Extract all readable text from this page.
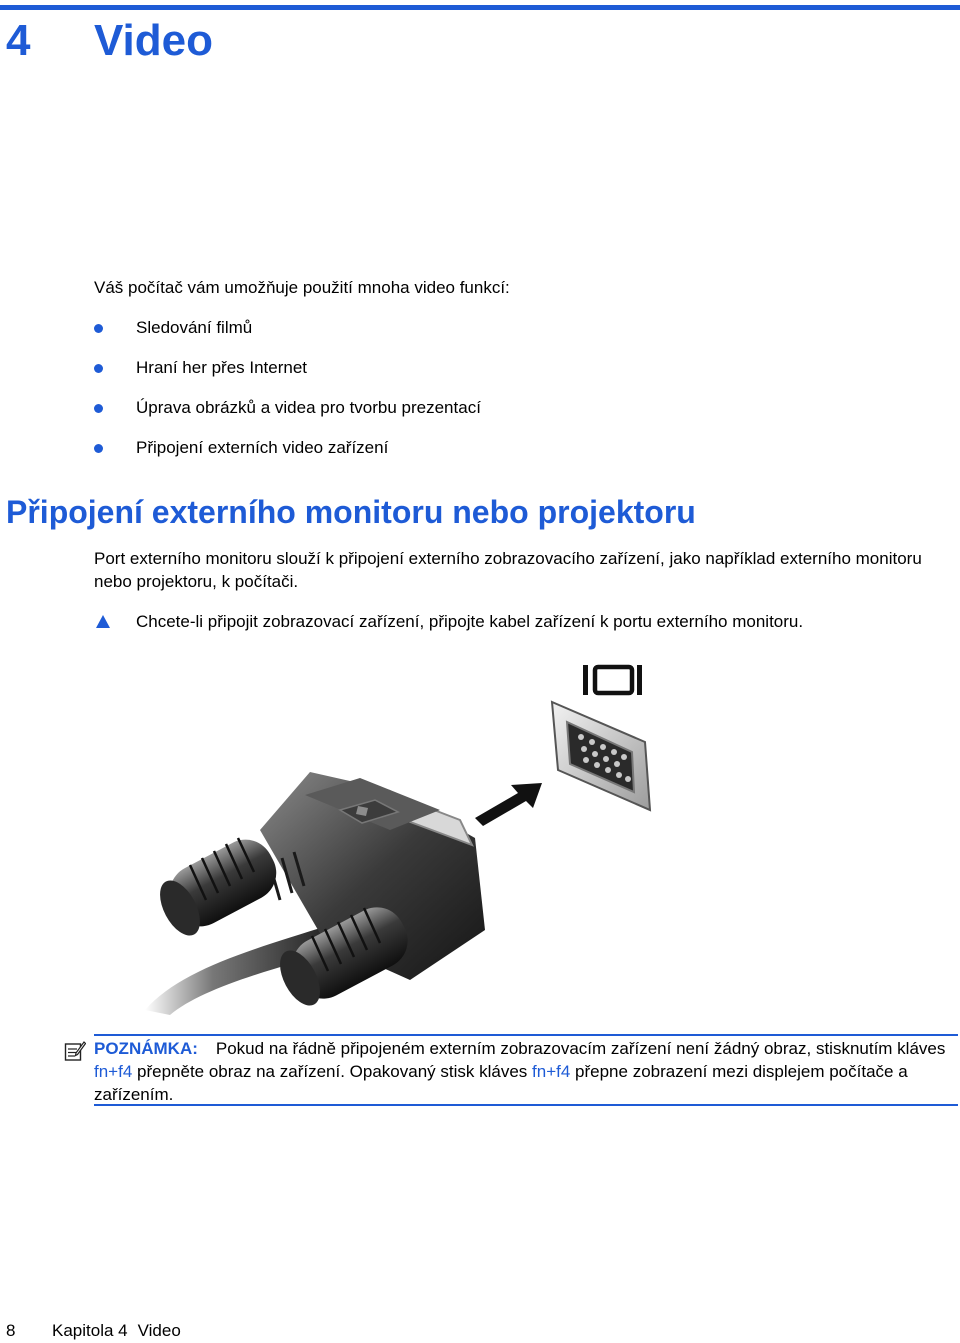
4 Video

Váš počítač vám umožňuje použití mnoha video funkcí:

Sledování filmů
Hraní her přes Internet
Úprava obrázků a videa pro tvorbu prezentací
Připojení externích video zařízení
Připojení externího monitoru nebo projektoru

Port externího monitoru slouží k připojení externího zobrazovacího zařízení, jako například externího monitoru nebo projektoru, k počítači.

Chcete-li připojit zobrazovací zařízení, připojte kabel zařízení k portu externího monitoru.
POZNÁMKA: Pokud na řádně připojeném externím zobrazovacím zařízení není žádný obraz, stisknutím kláves fn+f4 přepněte obraz na zařízení. Opakovaný stisk kláves fn+f4 přepne zobrazení mezi displejem počítače a zařízením.
8 Kapitola 4 Video
